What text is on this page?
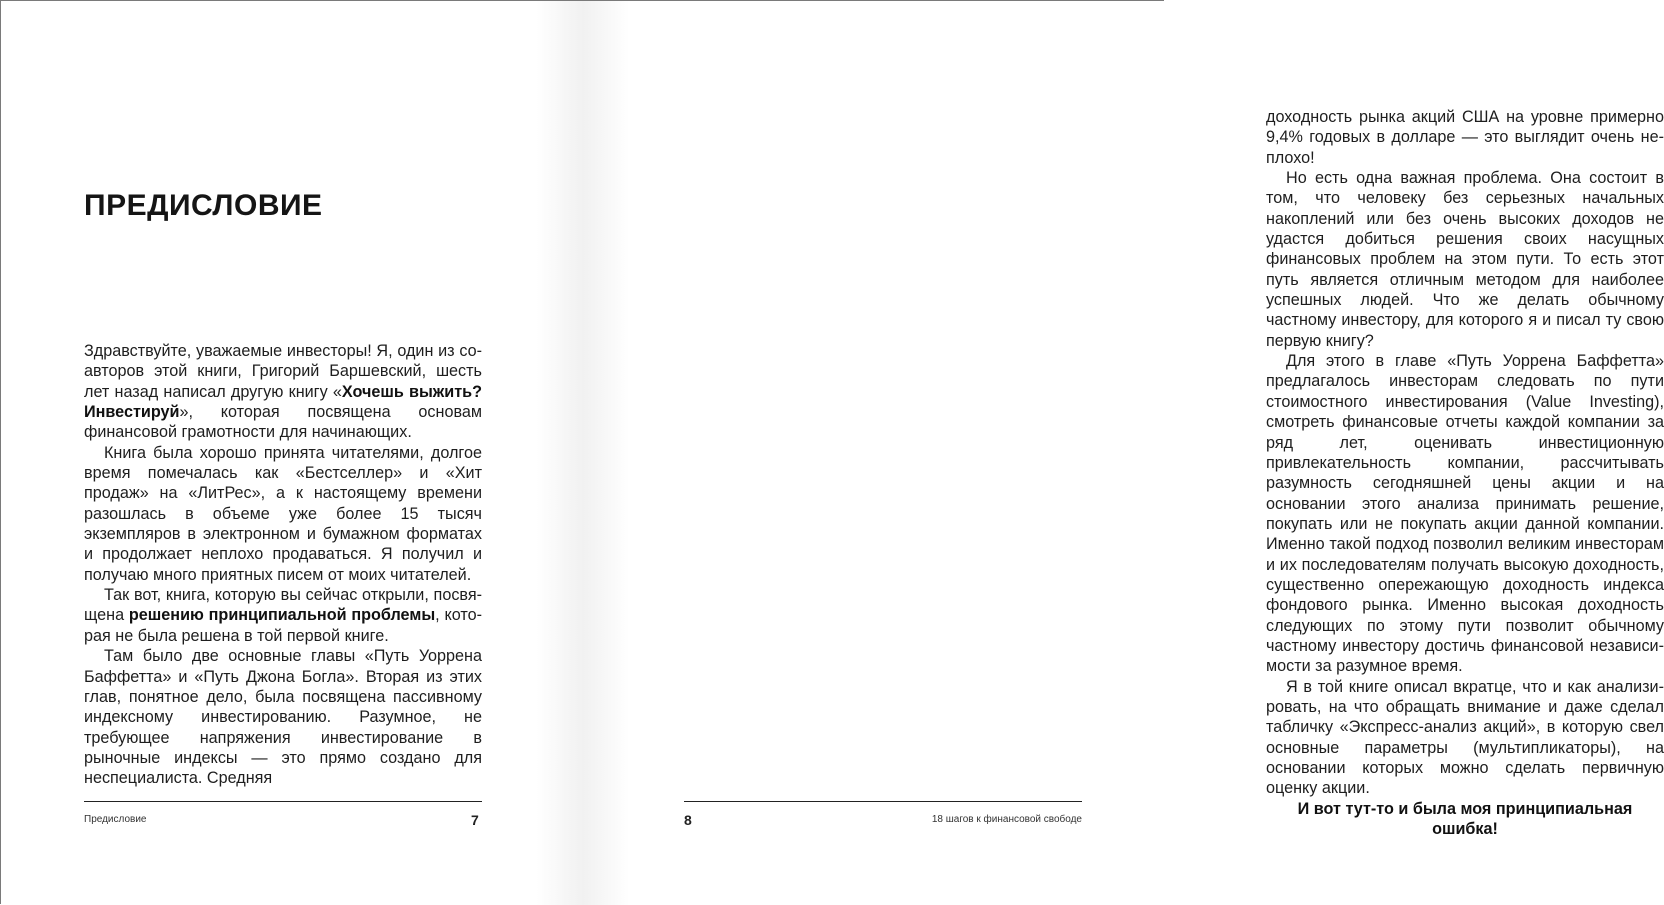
ПРЕДИСЛОВИЕ

Здравствуйте, уважаемые инвесторы! Я, один из соавторов этой книги, Григорий Баршевский, шесть лет назад написал другую книгу «Хочешь выжить? Инвестируй», которая посвящена основам финансовой грамотности для начинающих.

Книга была хорошо принята читателями, долгое время помечалась как «Бестселлер» и «Хит продаж» на «ЛитРес», а к настоящему времени разошлась в объеме уже более 15 тысяч экземпляров в электронном и бумажном форматах и продолжает неплохо продаваться. Я получил и получаю много приятных писем от моих читателей.

Так вот, книга, которую вы сейчас открыли, посвящена решению принципиальной проблемы, которая не была решена в той первой книге.

Там было две основные главы «Путь Уоррена Баффетта» и «Путь Джона Богла». Вторая из этих глав, понятное дело, была посвящена пассивному индексному инвестированию. Разумное, не требующее напряжения инвестирование в рыночные индексы — это прямо создано для неспециалиста. Средняя

Предисловие	7

доходность рынка акций США на уровне примерно 9,4% годовых в долларе — это выглядит очень неплохо!

Но есть одна важная проблема. Она состоит в том, что человеку без серьезных начальных накоплений или без очень высоких доходов не удастся добиться решения своих насущных финансовых проблем на этом пути. То есть этот путь является отличным методом для наиболее успешных людей. Что же делать обычному частному инвестору, для которого я и писал ту свою первую книгу?

Для этого в главе «Путь Уоррена Баффетта» предлагалось инвесторам следовать по пути стоимостного инвестирования (Value Investing), смотреть финансовые отчеты каждой компании за ряд лет, оценивать инвестиционную привлекательность компании, рассчитывать разумность сегодняшней цены акции и на основании этого анализа принимать решение, покупать или не покупать акции данной компании. Именно такой подход позволил великим инвесторам и их последователям получать высокую доходность, существенно опережающую доходность индекса фондового рынка. Именно высокая доходность следующих по этому пути позволит обычному частному инвестору достичь финансовой независимости за разумное время.

Я в той книге описал вкратце, что и как анализировать, на что обращать внимание и даже сделал табличку «Экспресс-анализ акций», в которую свел основные параметры (мультипликаторы), на основании которых можно сделать первичную оценку акции.

И вот тут-то и была моя принципиальная ошибка!

8	18 шагов к финансовой свободе
